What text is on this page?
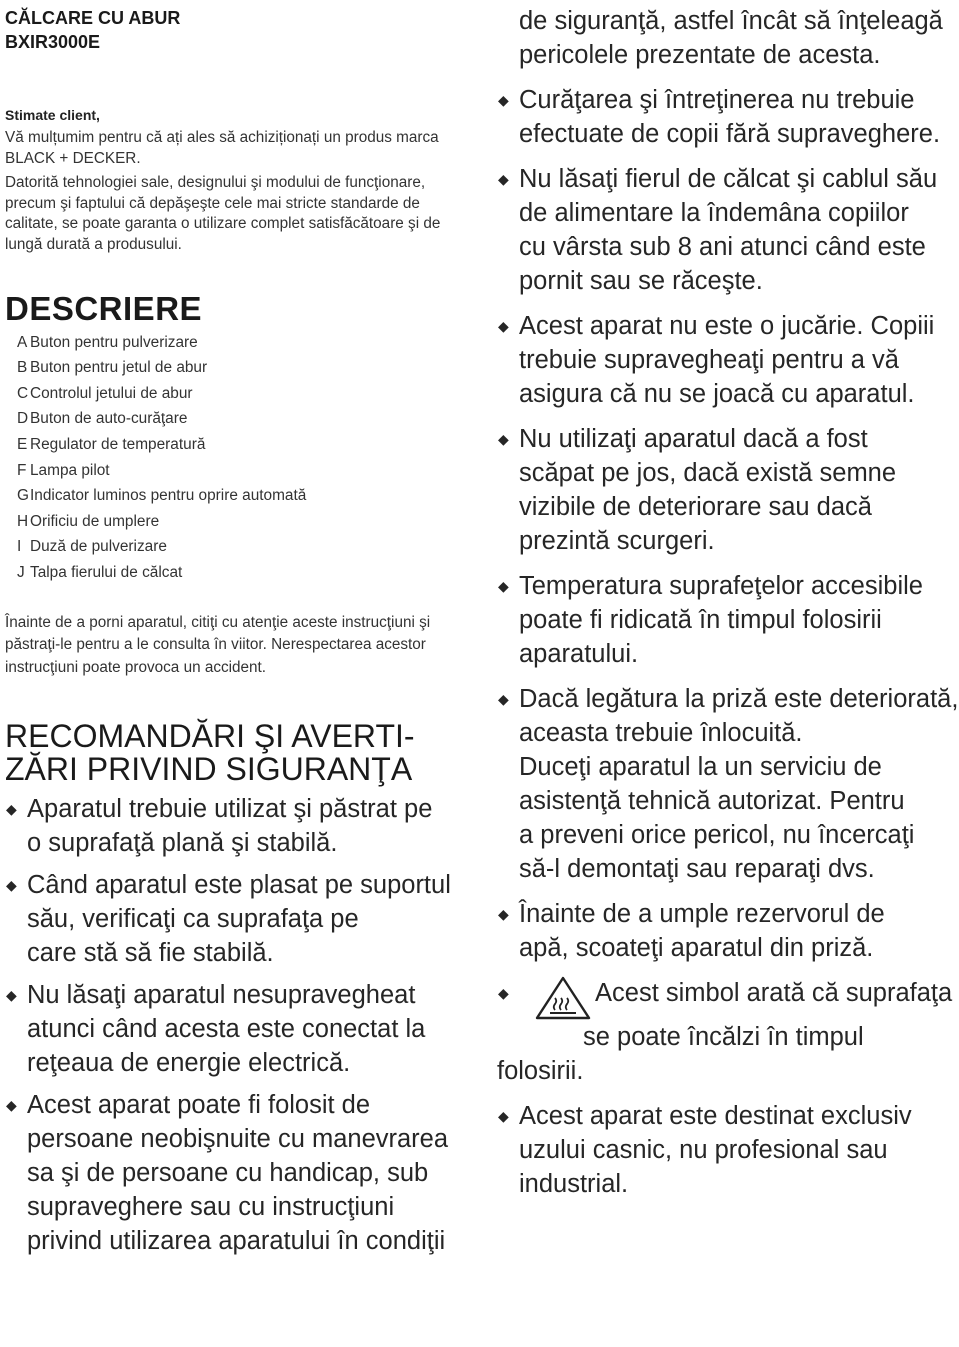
CĂLCARE CU ABUR
BXIR3000E
Stimate client,

Vă mulțumim pentru că ați ales să achiziționați un produs marca BLACK + DECKER.

Datorită tehnologiei sale, designului şi modului de funcţionare, precum şi faptului că depăşeşte cele mai stricte standarde de calitate, se poate garanta o utilizare complet satisfăcătoare şi de lungă durată a produsului.

DESCRIERE
A Buton pentru pulverizare
B Buton pentru jetul de abur
C Controlul jetului de abur
D Buton de auto-curăţare
E Regulator de temperatură
F Lampa pilot
G Indicator luminos pentru oprire automată
H Orificiu de umplere
I Duză de pulverizare
J Talpa fierului de călcat

Înainte de a porni aparatul, citiţi cu atenţie aceste instrucţiuni şi păstraţi-le pentru a le consulta în viitor. Nerespectarea acestor instrucţiuni poate provoca un accident.

RECOMANDĂRI ŞI AVERTI-
ZĂRI PRIVIND SIGURANŢA
◆ Aparatul trebuie utilizat şi păstrat pe
o suprafaţă plană şi stabilă.
◆ Când aparatul este plasat pe suportul său, verificaţi ca suprafaţa pe
care stă să fie stabilă.
◆ Nu lăsaţi aparatul nesupravegheat
atunci când acesta este conectat la
reţeaua de energie electrică.
◆ Acest aparat poate fi folosit de persoane neobişnuite cu manevrarea
sa şi de persoane cu handicap, sub
supraveghere sau cu instrucţiuni privind utilizarea aparatului în condiţii
de siguranţă, astfel încât să înţeleagă pericolele prezentate de acesta.
◆ Curăţarea şi întreţinerea nu trebuie
efectuate de copii fără supraveghere.
◆ Nu lăsaţi fierul de călcat şi cablul său
de alimentare la îndemâna copiilor
cu vârsta sub 8 ani atunci când este
pornit sau se răceşte.
◆ Acest aparat nu este o jucărie. Copiii
trebuie supravegheaţi pentru a vă
asigura că nu se joacă cu aparatul.
◆ Nu utilizaţi aparatul dacă a fost
scăpat pe jos, dacă există semne
vizibile de deteriorare sau dacă
prezintă scurgeri.
◆ Temperatura suprafeţelor accesibile
poate fi ridicată în timpul folosirii
aparatului.
◆ Dacă legătura la priză este deteriorată, aceasta trebuie înlocuită.
Duceţi aparatul la un serviciu de
asistenţă tehnică autorizat. Pentru
a preveni orice pericol, nu încercaţi
să-l demontaţi sau reparaţi dvs.
◆ Înainte de a umple rezervorul de
apă, scoateţi aparatul din priză.
◆	Acest simbol arată că suprafaţa
se poate încălzi în timpul
folosirii.
◆ Acest aparat este destinat exclusiv
uzului casnic, nu profesional sau
industrial.
